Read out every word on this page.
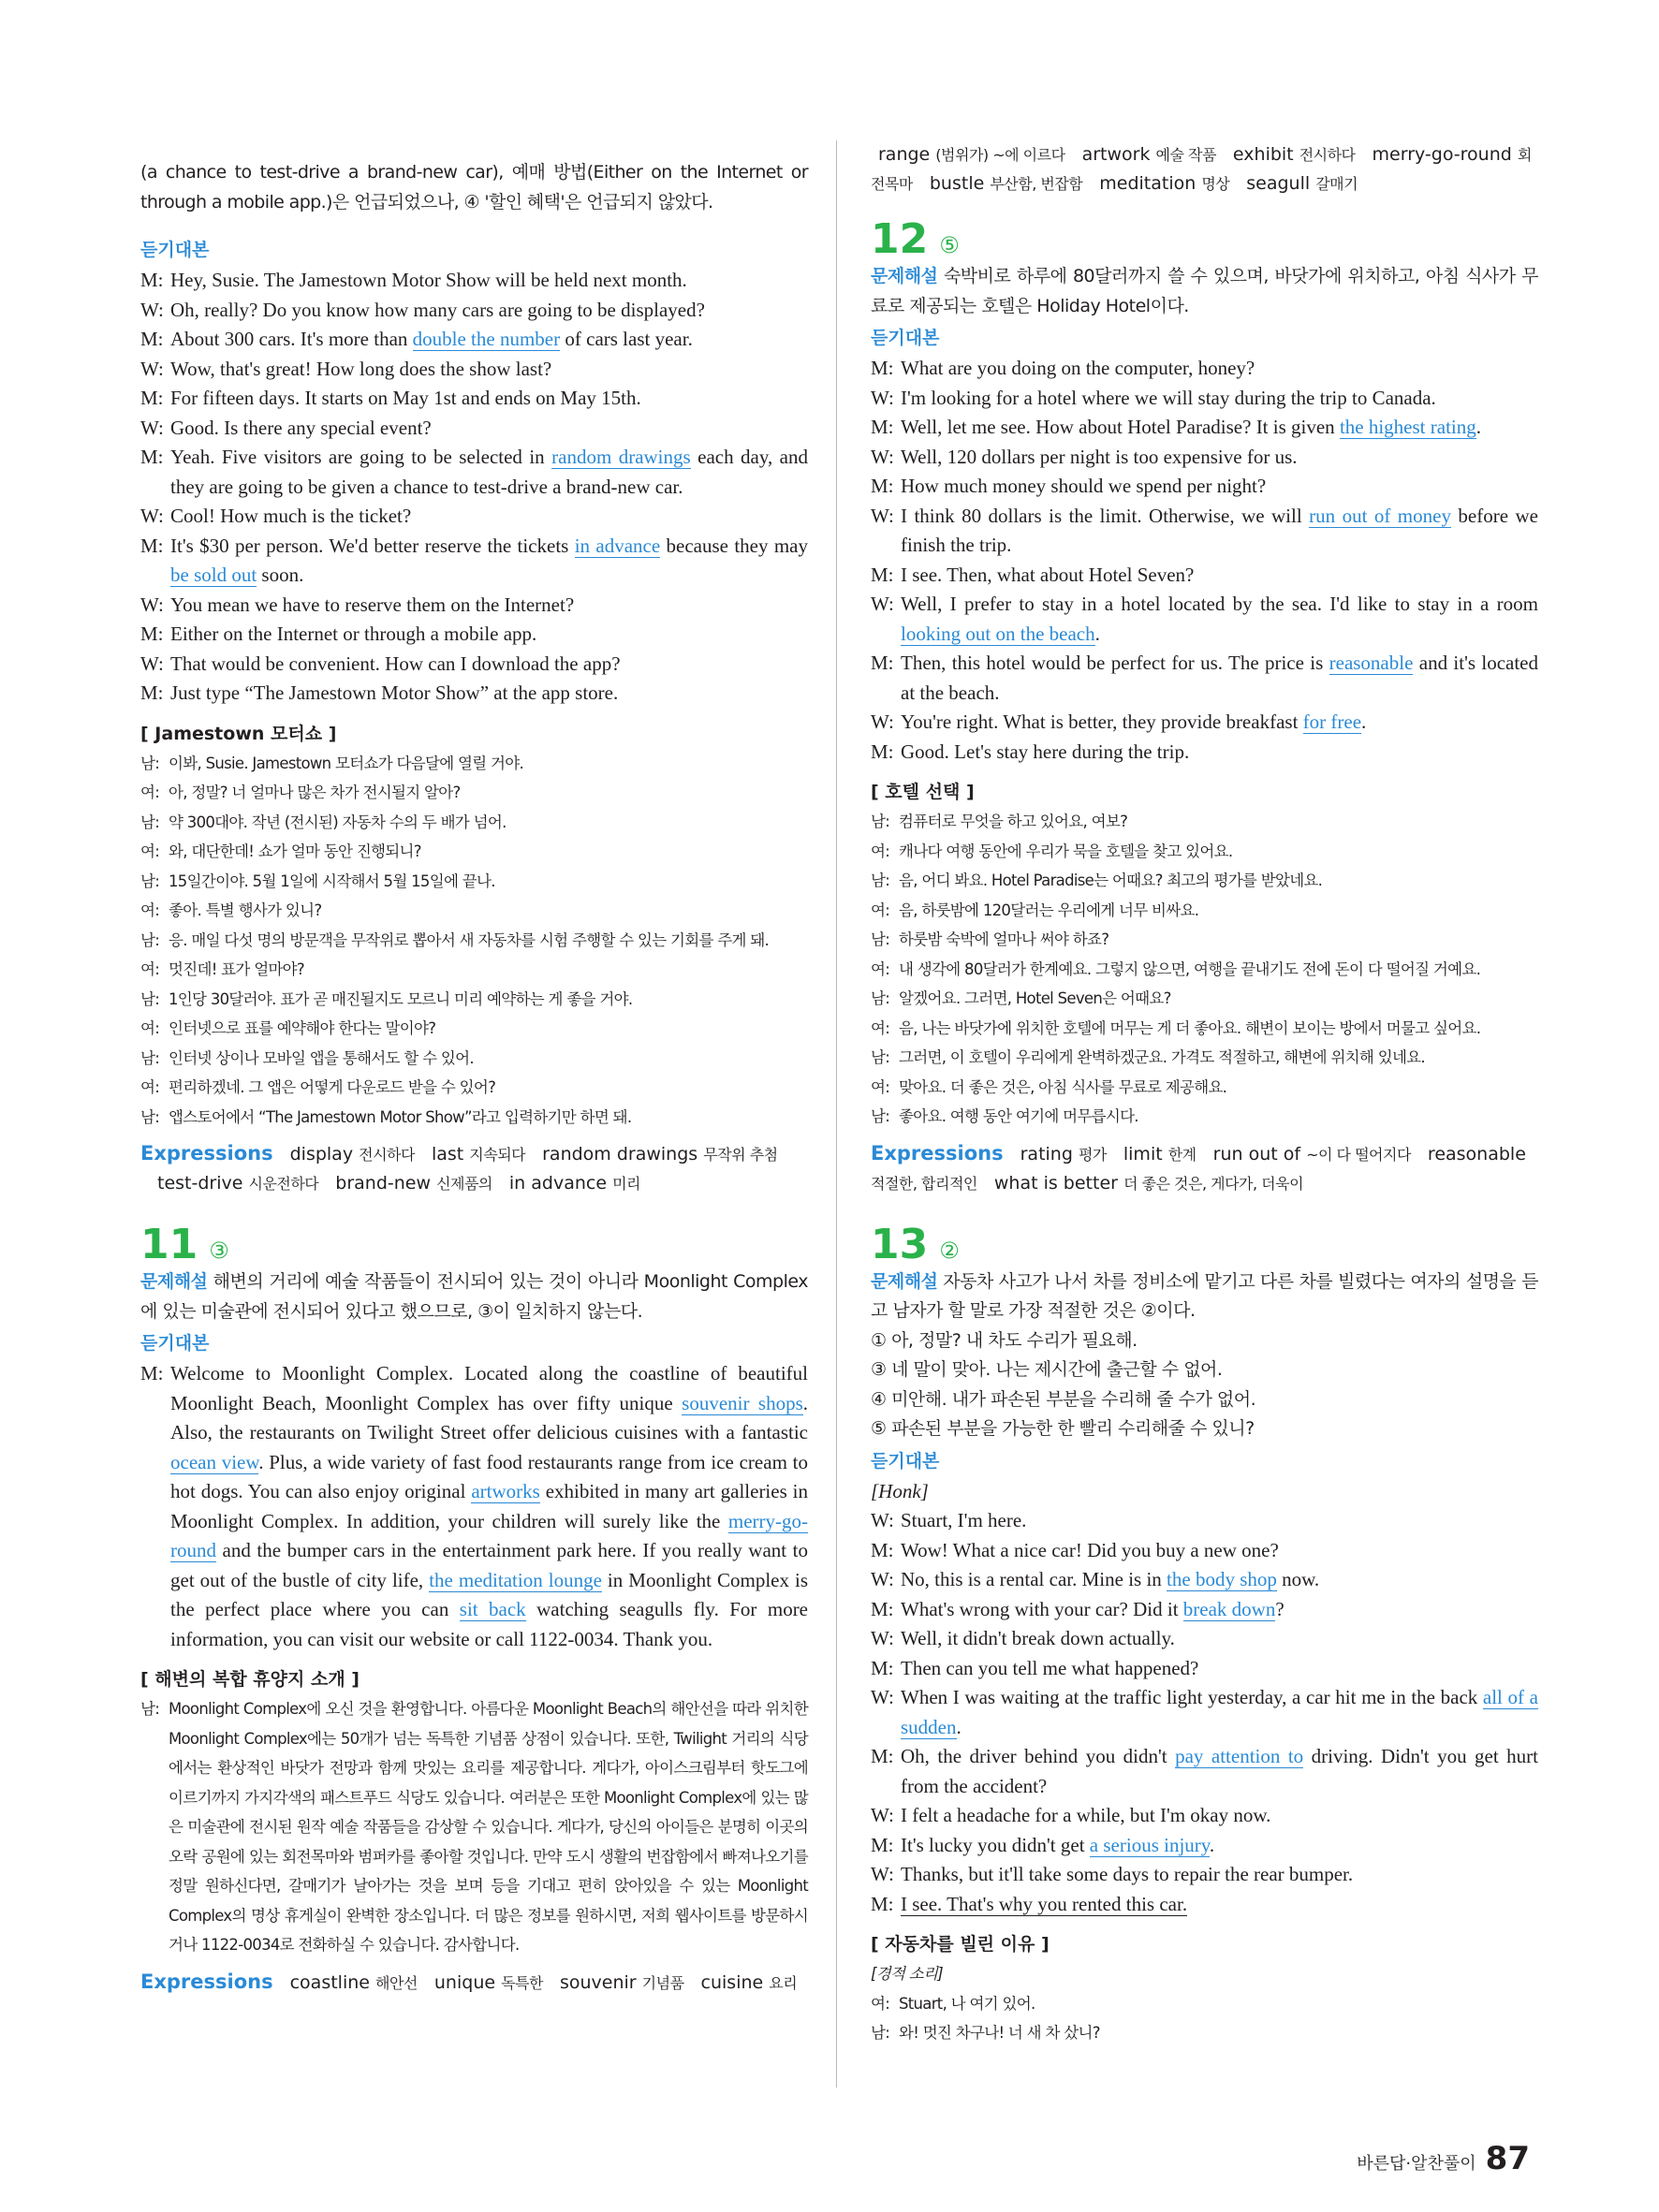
(a chance to test-drive a brand-new car), 예매 방법(Either on the Internet or through a mobile app.)은 언급되었으나, ④ '할인 혜택'은 언급되지 않았다.

듣기대본
M: Hey, Susie. The Jamestown Motor Show will be held next month.
W: Oh, really? Do you know how many cars are going to be displayed?
M: About 300 cars. It's more than double the number of cars last year.
W: Wow, that's great! How long does the show last?
M: For fifteen days. It starts on May 1st and ends on May 15th.
W: Good. Is there any special event?
M: Yeah. Five visitors are going to be selected in random drawings each day, and they are going to be given a chance to test-drive a brand-new car.
W: Cool! How much is the ticket?
M: It's $30 per person. We'd better reserve the tickets in advance because they may be sold out soon.
W: You mean we have to reserve them on the Internet?
M: Either on the Internet or through a mobile app.
W: That would be convenient. How can I download the app?
M: Just type “The Jamestown Motor Show” at the app store.
[ Jamestown 모터쇼 ]
남: 이봐, Susie. Jamestown 모터쇼가 다음달에 열릴 거야.
여: 아, 정말? 너 얼마나 많은 차가 전시될지 알아?
남: 약 300대야. 작년 (전시된) 자동차 수의 두 배가 넘어.
여: 와, 대단한데! 쇼가 얼마 동안 진행되니?
남: 15일간이야. 5월 1일에 시작해서 5월 15일에 끝나.
여: 좋아. 특별 행사가 있니?
남: 응. 매일 다섯 명의 방문객을 무작위로 뽑아서 새 자동차를 시험 주행할 수 있는 기회를 주게 돼.
여: 멋진데! 표가 얼마야?
남: 1인당 30달러야. 표가 곧 매진될지도 모르니 미리 예약하는 게 좋을 거야.
여: 인터넷으로 표를 예약해야 한다는 말이야?
남: 인터넷 상이나 모바일 앱을 통해서도 할 수 있어.
여: 편리하겠네. 그 앱은 어떻게 다운로드 받을 수 있어?
남: 앱스토어에서 “The Jamestown Motor Show”라고 입력하기만 하면 돼.
Expressions display 전시하다 last 지속되다 random drawings 무작위 추첨test-drive 시운전하다 brand-new 신제품의 in advance 미리
11 ③
문제해설 해변의 거리에 예술 작품들이 전시되어 있는 것이 아니라 Moonlight Complex에 있는 미술관에 전시되어 있다고 했으므로, ③이 일치하지 않는다.
듣기대본
M: Welcome to Moonlight Complex. Located along the coastline of beautiful Moonlight Beach, Moonlight Complex has over fifty unique souvenir shops. Also, the restaurants on Twilight Street offer delicious cuisines with a fantastic ocean view. Plus, a wide variety of fast food restaurants range from ice cream to hot dogs. You can also enjoy original artworks exhibited in many art galleries in Moonlight Complex. In addition, your children will surely like the merry-go-round and the bumper cars in the entertainment park here. If you really want to get out of the bustle of city life, the meditation lounge in Moonlight Complex is the perfect place where you can sit back watching seagulls fly. For more information, you can visit our website or call 1122-0034. Thank you.
[ 해변의 복합 휴양지 소개 ]
남: Moonlight Complex에 오신 것을 환영합니다. 아름다운 Moonlight Beach의 해안선을 따라 위치한 Moonlight Complex에는 50개가 넘는 독특한 기념품 상점이 있습니다. 또한, Twilight 거리의 식당에서는 환상적인 바닷가 전망과 함께 맛있는 요리를 제공합니다. 게다가, 아이스크림부터 핫도그에 이르기까지 가지각색의 패스트푸드 식당도 있습니다. 여러분은 또한 Moonlight Complex에 있는 많은 미술관에 전시된 원작 예술 작품들을 감상할 수 있습니다. 게다가, 당신의 아이들은 분명히 이곳의 오락 공원에 있는 회전목마와 범퍼카를 좋아할 것입니다. 만약 도시 생활의 번잡함에서 빠져나오기를 정말 원하신다면, 갈매기가 날아가는 것을 보며 등을 기대고 편히 앉아있을 수 있는 Moonlight Complex의 명상 휴게실이 완벽한 장소입니다. 더 많은 정보를 원하시면, 저희 웹사이트를 방문하시거나 1122-0034로 전화하실 수 있습니다. 감사합니다.
Expressions coastline 해안선 unique 독특한 souvenir 기념품 cuisine 요리
range (범위가) ~에 이르다 artwork 예술 작품 exhibit 전시하다 merry-go-round 회전목마 bustle 부산함, 번잡함 meditation 명상 seagull 갈매기
12 ⑤
문제해설 숙박비로 하루에 80달러까지 쓸 수 있으며, 바닷가에 위치하고, 아침 식사가 무료로 제공되는 호텔은 Holiday Hotel이다.
듣기대본
M: What are you doing on the computer, honey?
W: I'm looking for a hotel where we will stay during the trip to Canada.
M: Well, let me see. How about Hotel Paradise? It is given the highest rating.
W: Well, 120 dollars per night is too expensive for us.
M: How much money should we spend per night?
W: I think 80 dollars is the limit. Otherwise, we will run out of money before we finish the trip.
M: I see. Then, what about Hotel Seven?
W: Well, I prefer to stay in a hotel located by the sea. I'd like to stay in a room looking out on the beach.
M: Then, this hotel would be perfect for us. The price is reasonable and it's located at the beach.
W: You're right. What is better, they provide breakfast for free.
M: Good. Let's stay here during the trip.
[ 호텔 선택 ]
남: 컴퓨터로 무엇을 하고 있어요, 여보?
여: 캐나다 여행 동안에 우리가 묵을 호텔을 찾고 있어요.
남: 음, 어디 봐요. Hotel Paradise는 어때요? 최고의 평가를 받았네요.
여: 음, 하룻밤에 120달러는 우리에게 너무 비싸요.
남: 하룻밤 숙박에 얼마나 써야 하죠?
여: 내 생각에 80달러가 한계예요. 그렇지 않으면, 여행을 끝내기도 전에 돈이 다 떨어질 거예요.
남: 알겠어요. 그러면, Hotel Seven은 어때요?
여: 음, 나는 바닷가에 위치한 호텔에 머무는 게 더 좋아요. 해변이 보이는 방에서 머물고 싶어요.
남: 그러면, 이 호텔이 우리에게 완벽하겠군요. 가격도 적절하고, 해변에 위치해 있네요.
여: 맞아요. 더 좋은 것은, 아침 식사를 무료로 제공해요.
남: 좋아요. 여행 동안 여기에 머무릅시다.
Expressions rating 평가 limit 한계 run out of ~이 다 떨어지다 reasonable 적절한, 합리적인 what is better 더 좋은 것은, 게다가, 더욱이
13 ②
문제해설 자동차 사고가 나서 차를 정비소에 맡기고 다른 차를 빌렸다는 여자의 설명을 듣고 남자가 할 말로 가장 적절한 것은 ②이다.
① 아, 정말? 내 차도 수리가 필요해.
③ 네 말이 맞아. 나는 제시간에 출근할 수 없어.
④ 미안해. 내가 파손된 부분을 수리해 줄 수가 없어.
⑤ 파손된 부분을 가능한 한 빨리 수리해줄 수 있니?
듣기대본
[Honk]
W: Stuart, I'm here.
M: Wow! What a nice car! Did you buy a new one?
W: No, this is a rental car. Mine is in the body shop now.
M: What's wrong with your car? Did it break down?
W: Well, it didn't break down actually.
M: Then can you tell me what happened?
W: When I was waiting at the traffic light yesterday, a car hit me in the back all of a sudden.
M: Oh, the driver behind you didn't pay attention to driving. Didn't you get hurt from the accident?
W: I felt a headache for a while, but I'm okay now.
M: It's lucky you didn't get a serious injury.
W: Thanks, but it'll take some days to repair the rear bumper.
M: I see. That's why you rented this car.
[ 자동차를 빌린 이유 ]
[경적 소리]
여: Stuart, 나 여기 있어.
남: 와! 멋진 차구나! 너 새 차 샀니?
바른답·알찬풀이 87
